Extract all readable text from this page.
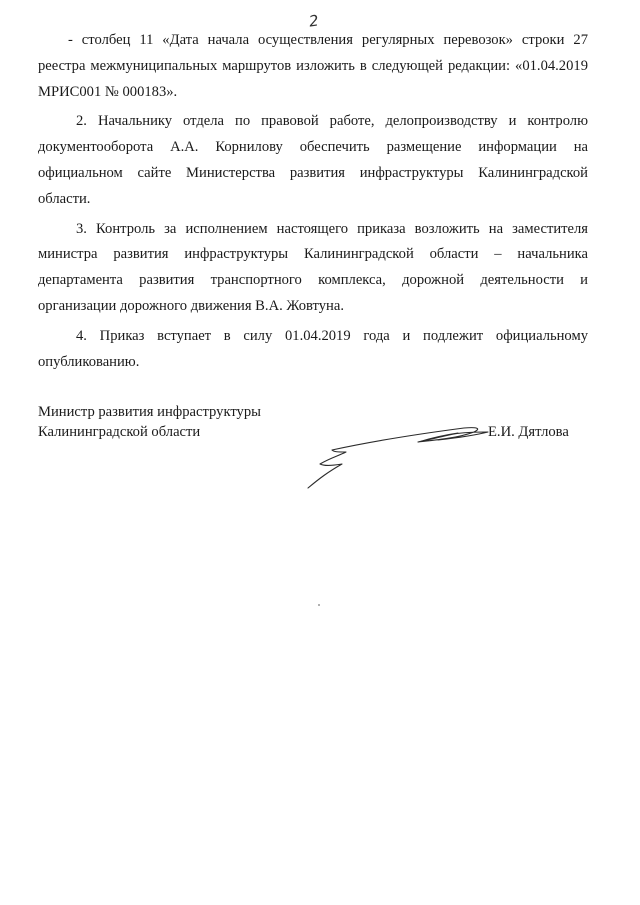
2

- столбец 11 «Дата начала осуществления регулярных перевозок» строки 27 реестра межмуниципальных маршрутов изложить в следующей редакции: «01.04.2019 МРИС001 № 000183».

2. Начальнику отдела по правовой работе, делопроизводству и контролю документооборота А.А. Корнилову обеспечить размещение информации на официальном сайте Министерства развития инфраструктуры Калининградской области.

3. Контроль за исполнением настоящего приказа возложить на заместителя министра развития инфраструктуры Калининградской области – начальника департамента развития транспортного комплекса, дорожной деятельности и организации дорожного движения В.А. Жовтуна.

4. Приказ вступает в силу 01.04.2019 года и подлежит официальному опубликованию.

Министр развития инфраструктуры
Калининградской области	Е.И. Дятлова
